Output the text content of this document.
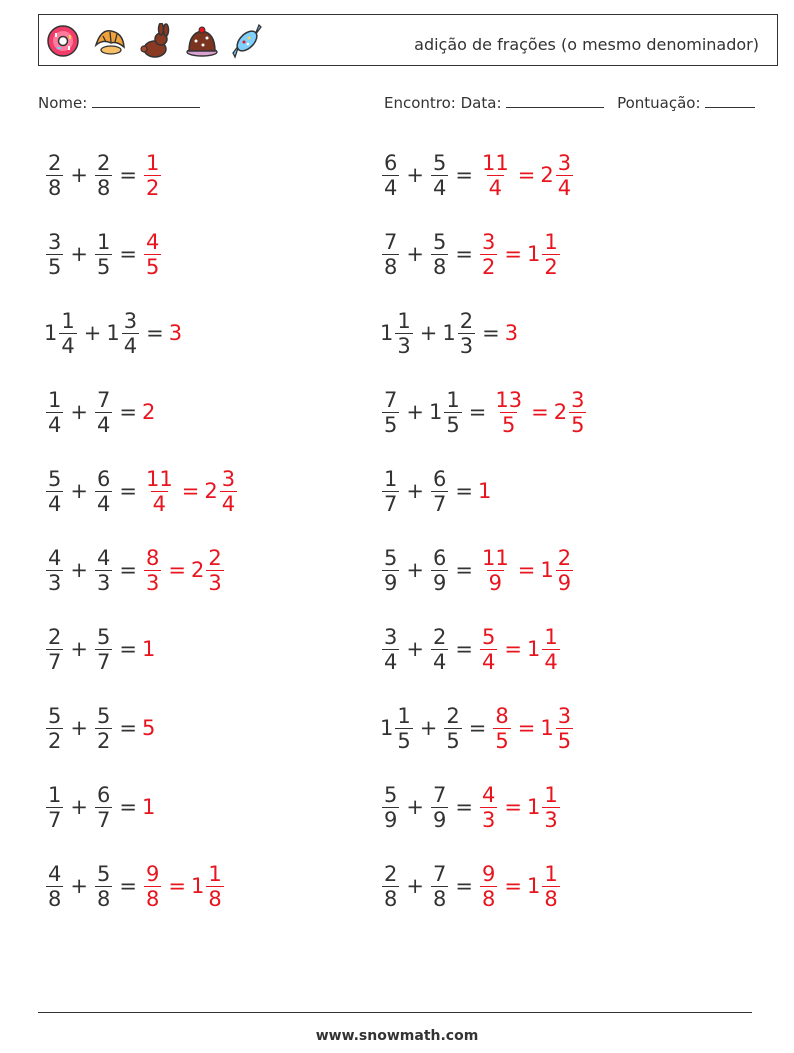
adição de frações (o mesmo denominador)
Nome:	Encontro: Data:	Pontuação:
$\frac{2}{8} + \frac{2}{8} = \frac{1}{2}$
$\frac{3}{5} + \frac{1}{5} = \frac{4}{5}$
$1 \frac{1}{4} + 1 \frac{3}{4} = 3$
$\frac{1}{4} + \frac{7}{4} = 2$
$\frac{5}{4} + \frac{6}{4} = \frac{11}{4} = 2 \frac{3}{4}$
$\frac{4}{3} + \frac{4}{3} = \frac{8}{3} = 2 \frac{2}{3}$
$\frac{2}{7} + \frac{5}{7} = 1$
$\frac{5}{2} + \frac{5}{2} = 5$
$\frac{1}{7} + \frac{6}{7} = 1$
$\frac{4}{8} + \frac{5}{8} = \frac{9}{8} = 1 \frac{1}{8}$
$\frac{6}{4} + \frac{5}{4} = \frac{11}{4} = 2 \frac{3}{4}$
$\frac{7}{8} + \frac{5}{8} = \frac{3}{2} = 1 \frac{1}{2}$
$1 \frac{1}{3} + 1 \frac{2}{3} = 3$
$\frac{7}{5} + 1 \frac{1}{5} = \frac{13}{5} = 2 \frac{3}{5}$
$\frac{1}{7} + \frac{6}{7} = 1$
$\frac{5}{9} + \frac{6}{9} = \frac{11}{9} = 1 \frac{2}{9}$
$\frac{3}{4} + \frac{2}{4} = \frac{5}{4} = 1 \frac{1}{4}$
$1 \frac{1}{5} + \frac{2}{5} = \frac{8}{5} = 1 \frac{3}{5}$
$\frac{5}{9} + \frac{7}{9} = \frac{4}{3} = 1 \frac{1}{3}$
$\frac{2}{8} + \frac{7}{8} = \frac{9}{8} = 1 \frac{1}{8}$
www.snowmath.com
